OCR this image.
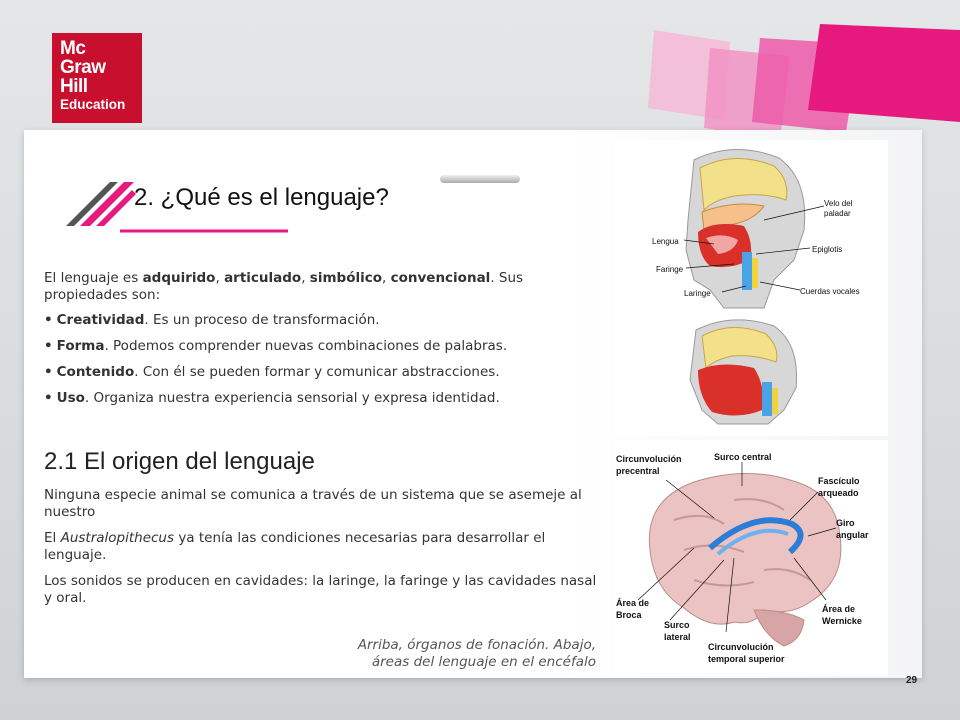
Mc
Graw
Hill
Education
2. ¿Qué es el lenguaje?
El lenguaje es adquirido, articulado, simbólico, convencional. Sus propiedades son:
• Creatividad. Es un proceso de transformación.
• Forma. Podemos comprender nuevas combinaciones de palabras.
• Contenido. Con él se pueden formar y comunicar abstracciones.
• Uso. Organiza nuestra experiencia sensorial y expresa identidad.
2.1 El origen del lenguaje
Ninguna especie animal se comunica a través de un sistema que se asemeje al nuestro
El Australopithecus ya tenía las condiciones necesarias para desarrollar el lenguaje.
Los sonidos se producen en cavidades: la laringe, la faringe y las cavidades nasal y oral.
Arriba, órganos de fonación. Abajo,
áreas del lenguaje en el encéfalo
Velo del
paladar
Lengua
Epiglotis
Faringe
Laringe	Cuerdas vocales
Circunvolución
precentral
Surco central
Fascículo
arqueado
Giro
angular
Área de
Broca
Surco
lateral
Área de
Wernicke
Circunvolución
temporal superior
29
